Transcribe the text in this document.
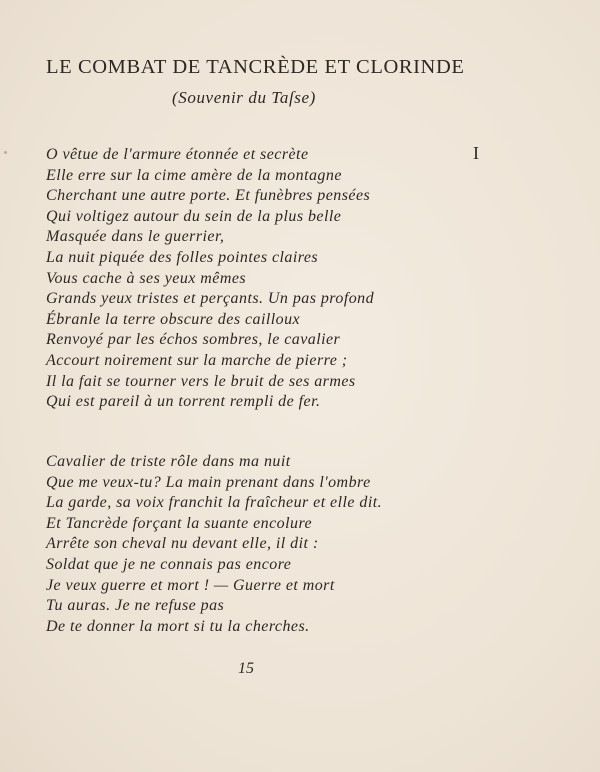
LE COMBAT DE TANCRÈDE ET CLORINDE
(Souvenir du Taſse)
I
O vêtue de l'armure étonnée et secrète
Elle erre sur la cime amère de la montagne
Cherchant une autre porte. Et funèbres pensées
Qui voltigez autour du sein de la plus belle
Masquée dans le guerrier,
La nuit piquée des folles pointes claires
Vous cache à ses yeux mêmes
Grands yeux tristes et perçants. Un pas profond
Ébranle la terre obscure des cailloux
Renvoyé par les échos sombres, le cavalier
Accourt noirement sur la marche de pierre ;
Il la fait se tourner vers le bruit de ses armes
Qui est pareil à un torrent rempli de fer.
Cavalier de triste rôle dans ma nuit
Que me veux-tu? La main prenant dans l'ombre
La garde, sa voix franchit la fraîcheur et elle dit.
Et Tancrède forçant la suante encolure
Arrête son cheval nu devant elle, il dit :
Soldat que je ne connais pas encore
Je veux guerre et mort ! — Guerre et mort
Tu auras. Je ne refuse pas
De te donner la mort si tu la cherches.
15
